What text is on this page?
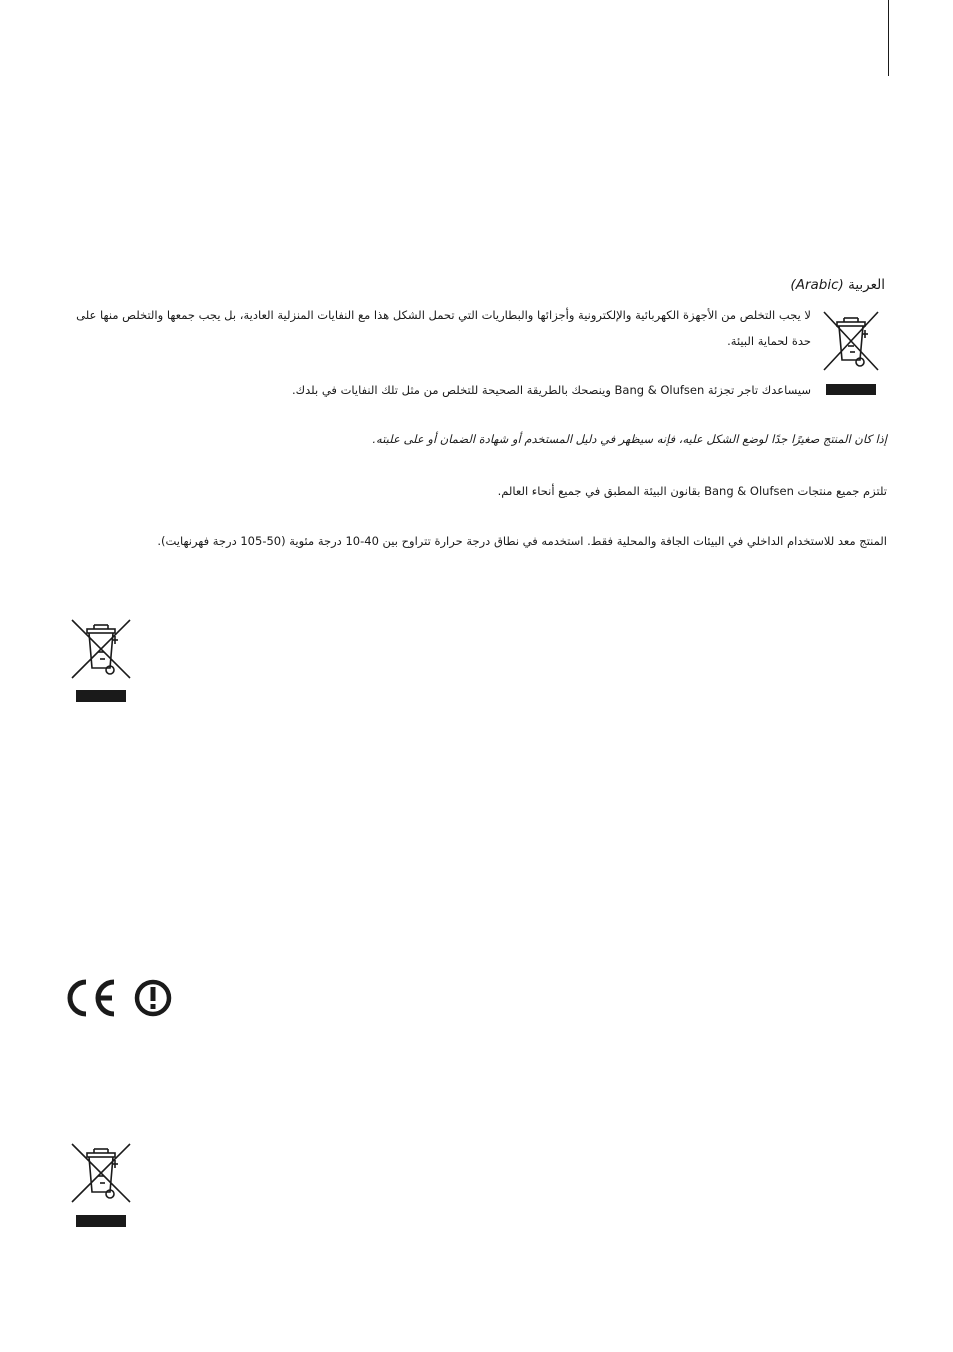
العربية (Arabic)
لا يجب التخلص من الأجهزة الكهربائية والإلكترونية وأجزائها والبطاريات التي تحمل الشكل هذا مع النفايات المنزلية العادية، بل يجب جمعها والتخلص منها على حدة لحماية البيئة.
سيساعدك تاجر تجزئة Bang & Olufsen وينصحك بالطريقة الصحيحة للتخلص من مثل تلك النفايات في بلدك.
إذا كان المنتج صغيرًا جدًا لوضع الشكل عليه، فإنه سيظهر في دليل المستخدم أو شهادة الضمان أو على علبته.
تلتزم جميع منتجات Bang & Olufsen بقانون البيئة المطبق في جميع أنحاء العالم.
المنتج معد للاستخدام الداخلي في البيئات الجافة والمحلية فقط. استخدمه في نطاق درجة حرارة تتراوح بين 40-10 درجة مئوية (50-105 درجة فهرنهايت).
